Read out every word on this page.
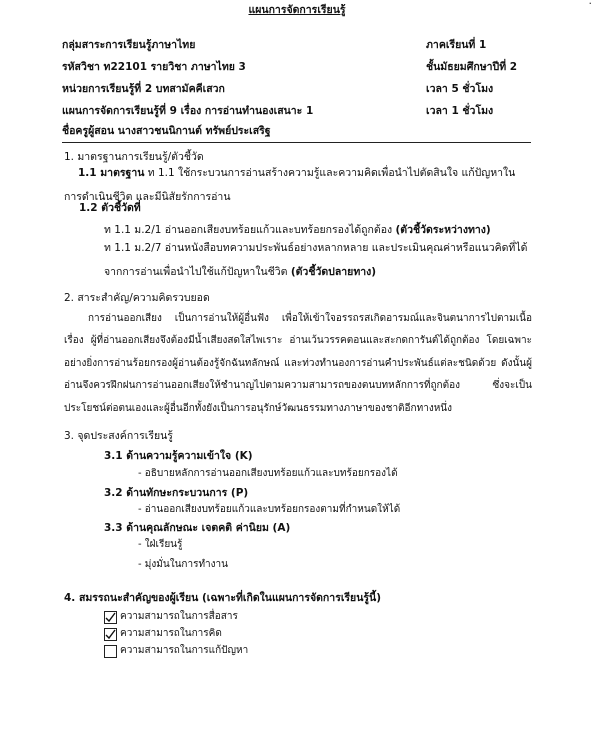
.
แผนการจัดการเรียนรู้
กลุ่มสาระการเรียนรู้ภาษาไทย
รหัสวิชา ท22101 รายวิชา ภาษาไทย 3
หน่วยการเรียนรู้ที่ 2 บทสามัคคีเสวก
แผนการจัดการเรียนรู้ที่ 9 เรื่อง การอ่านทำนองเสนาะ 1
ชื่อครูผู้สอน นางสาวชนนิกานต์ ทรัพย์ประเสริฐ
ภาคเรียนที่ 1
ชั้นมัธยมศึกษาปีที่ 2
เวลา 5 ชั่วโมง
เวลา 1 ชั่วโมง
1. มาตรฐานการเรียนรู้/ตัวชี้วัด
1.1 มาตรฐาน ท 1.1 ใช้กระบวนการอ่านสร้างความรู้และความคิดเพื่อนำไปตัดสินใจ แก้ปัญหาในการดำเนินชีวิต และมีนิสัยรักการอ่าน
1.2 ตัวชี้วัดที่
ท 1.1 ม.2/1 อ่านออกเสียงบทร้อยแก้วและบทร้อยกรองได้ถูกต้อง (ตัวชี้วัดระหว่างทาง)
ท 1.1 ม.2/7 อ่านหนังสือบทความประพันธ์อย่างหลากหลาย และประเมินคุณค่าหรือแนวคิดที่ได้จากการอ่านเพื่อนำไปใช้แก้ปัญหาในชีวิต (ตัวชี้วัดปลายทาง)
2. สาระสำคัญ/ความคิดรวบยอด
การอ่านออกเสียง เป็นการอ่านให้ผู้อื่นฟัง เพื่อให้เข้าใจอรรถรสเกิดอารมณ์และจินตนาการไปตามเนื้อเรื่อง ผู้ที่อ่านออกเสียงจึงต้องมีน้ำเสียงสดใสไพเราะ อ่านเว้นวรรคตอนและสะกดการันต์ได้ถูกต้อง โดยเฉพาะอย่างยิ่งการอ่านร้อยกรองผู้อ่านต้องรู้จักฉันทลักษณ์ และท่วงทำนองการอ่านคำประพันธ์แต่ละชนิดด้วย ดังนั้นผู้อ่านจึงควรฝึกฝนการอ่านออกเสียงให้ชำนาญไปตามความสามารถของตนบทหลักการที่ถูกต้อง ซึ่งจะเป็นประโยชน์ต่อตนเองและผู้อื่นอีกทั้งยังเป็นการอนุรักษ์วัฒนธรรมทางภาษาของชาติอีกทางหนึ่ง
3. จุดประสงค์การเรียนรู้
3.1 ด้านความรู้ความเข้าใจ (K)
- อธิบายหลักการอ่านออกเสียงบทร้อยแก้วและบทร้อยกรองได้
3.2 ด้านทักษะกระบวนการ (P)
- อ่านออกเสียงบทร้อยแก้วและบทร้อยกรองตามที่กำหนดให้ได้
3.3 ด้านคุณลักษณะ เจตคติ ค่านิยม (A)
- ใฝ่เรียนรู้
- มุ่งมั่นในการทำงาน
4. สมรรถนะสำคัญของผู้เรียน (เฉพาะที่เกิดในแผนการจัดการเรียนรู้นี้)
ความสามารถในการสื่อสาร
ความสามารถในการคิด
ความสามารถในการแก้ปัญหา
